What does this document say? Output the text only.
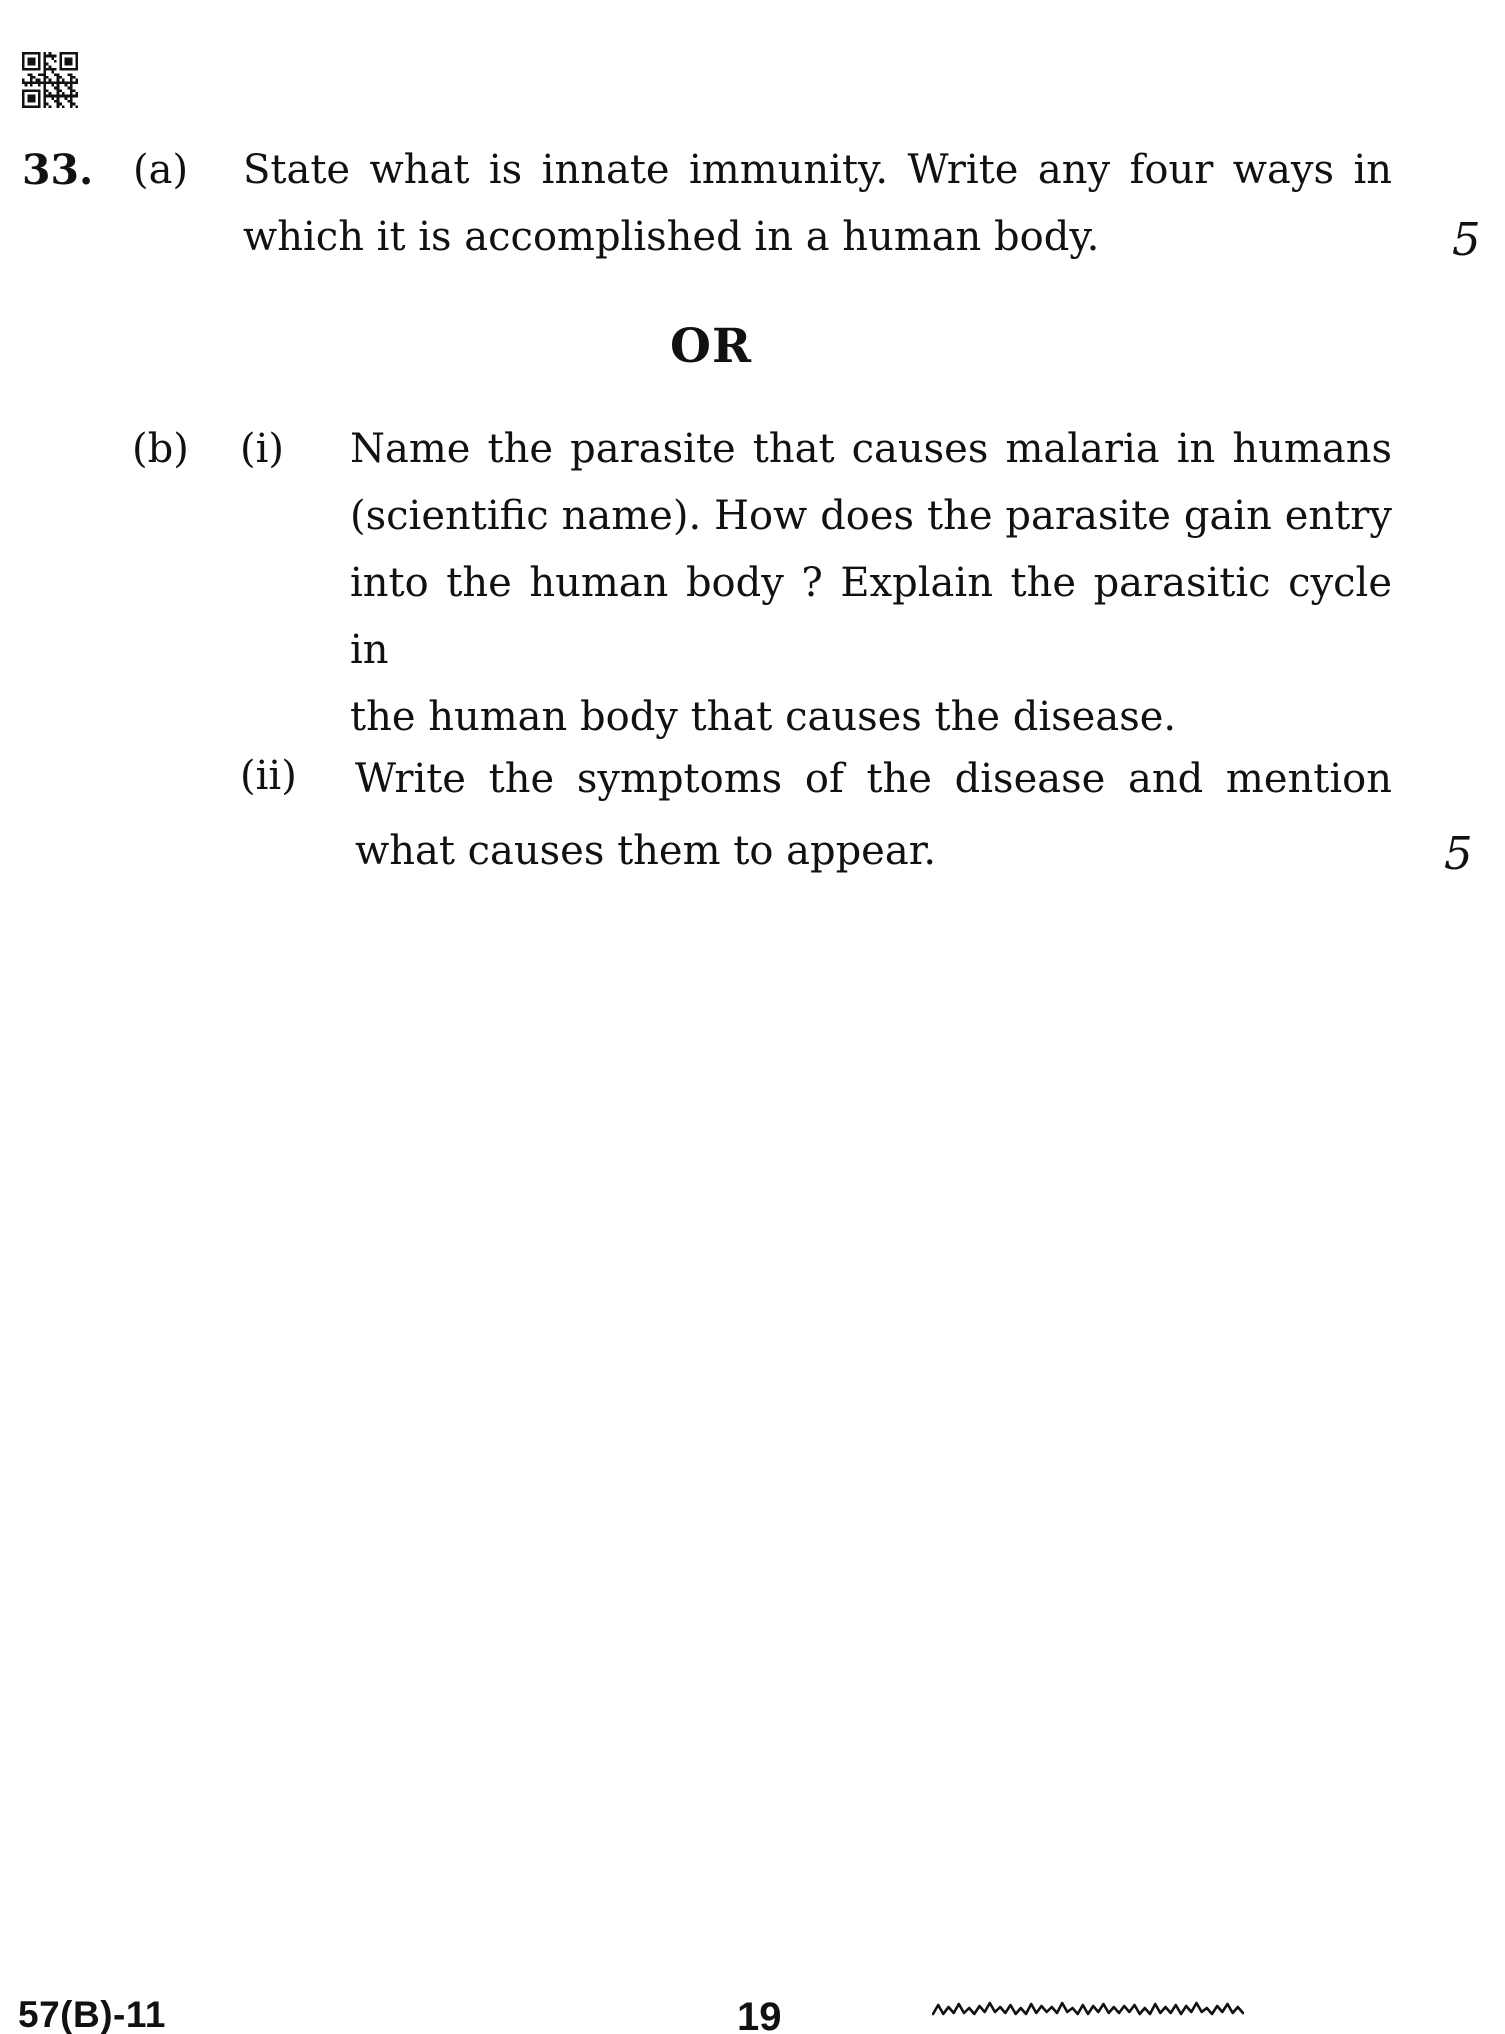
33. (a) State what is innate immunity. Write any four ways in
which it is accomplished in a human body.	5
OR
(b) (i) Name the parasite that causes malaria in humans
(scientific name). How does the parasite gain entry
into the human body ? Explain the parasitic cycle in
the human body that causes the disease.
(ii) Write the symptoms of the disease and mention
what causes them to appear.	5
57(B)-11	19
